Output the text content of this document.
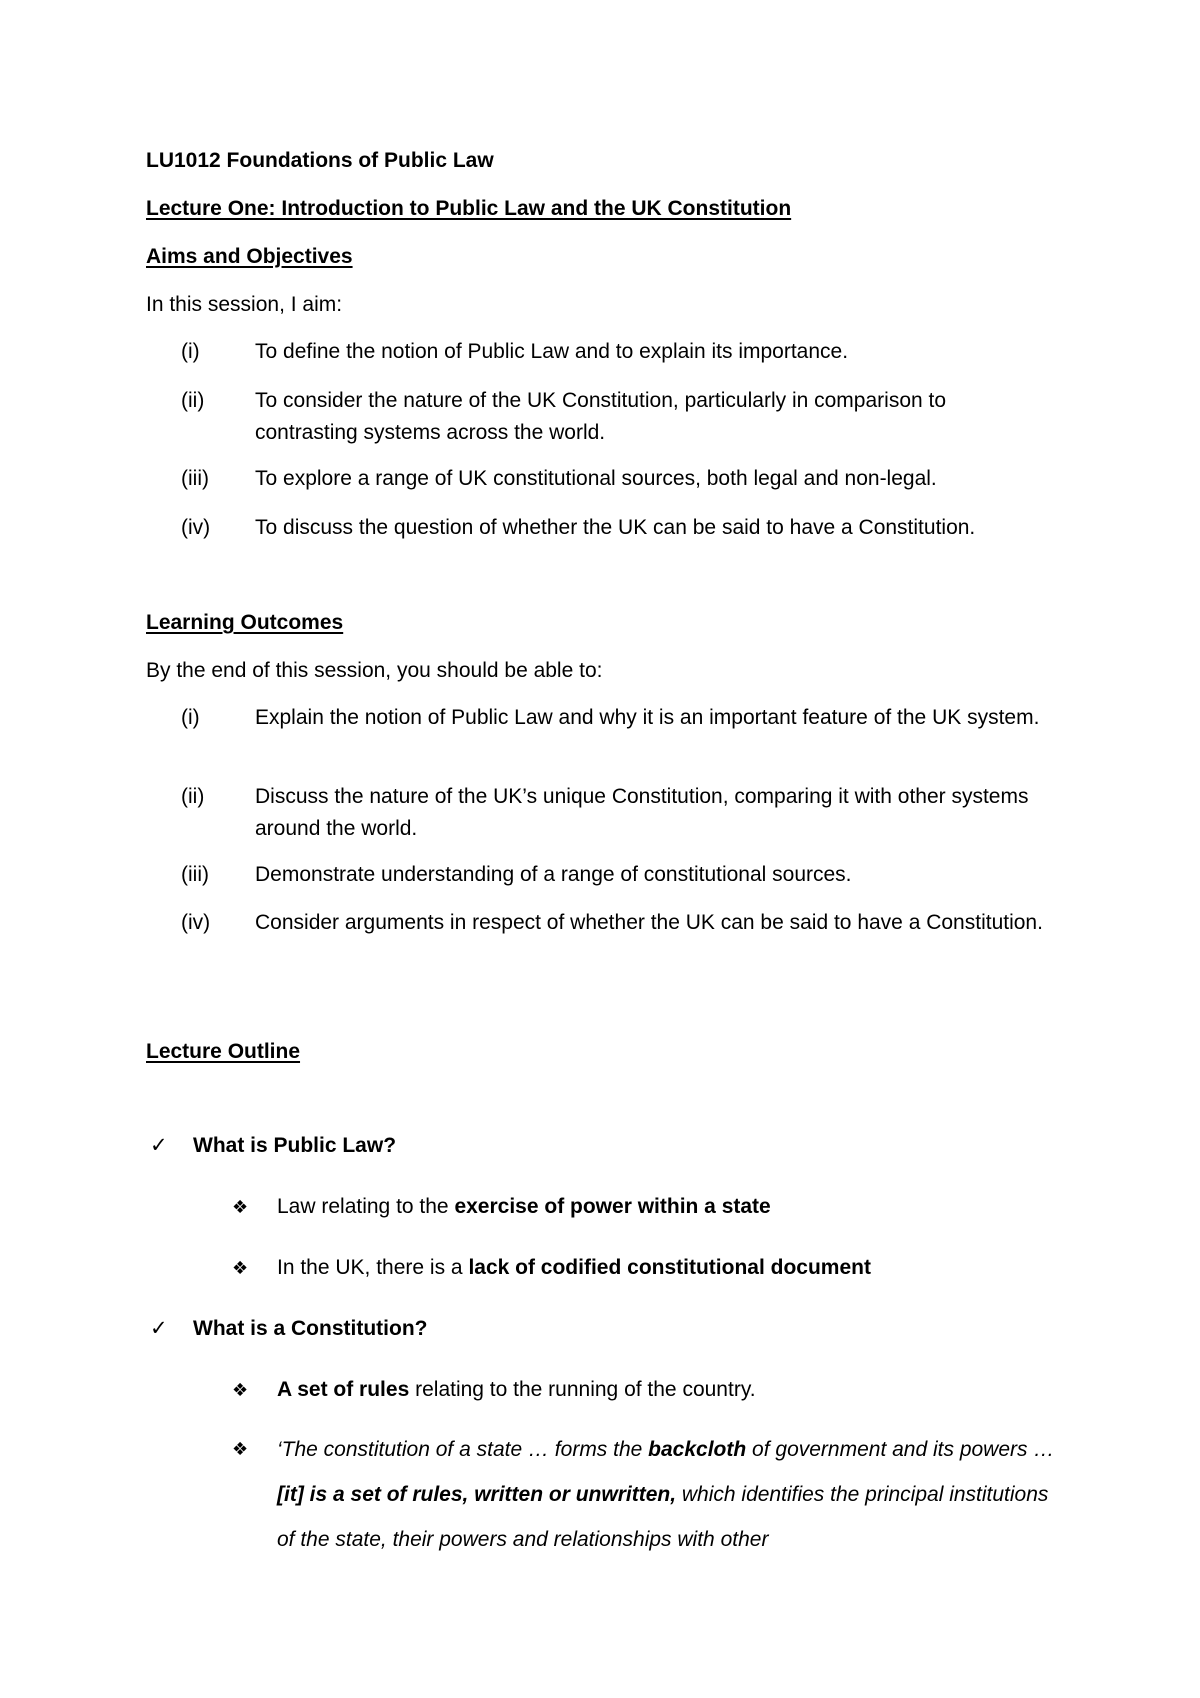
LU1012 Foundations of Public Law
Lecture One: Introduction to Public Law and the UK Constitution
Aims and Objectives
In this session, I aim:
(i)	To define the notion of Public Law and to explain its importance.
(ii) To consider the nature of the UK Constitution, particularly in comparison to contrasting systems across the world.
(iii) To explore a range of UK constitutional sources, both legal and non-legal.
(iv) To discuss the question of whether the UK can be said to have a Constitution.
Learning Outcomes
By the end of this session, you should be able to:
(i)	Explain the notion of Public Law and why it is an important feature of the UK system.
(ii) Discuss the nature of the UK’s unique Constitution, comparing it with other systems around the world.
(iii) Demonstrate understanding of a range of constitutional sources.
(iv) Consider arguments in respect of whether the UK can be said to have a Constitution.
Lecture Outline
✓ What is Public Law?
❖ Law relating to the exercise of power within a state
❖ In the UK, there is a lack of codified constitutional document
✓ What is a Constitution?
❖ A set of rules relating to the running of the country.
❖ ‘The constitution of a state … forms the backcloth of government and its powers … [it] is a set of rules, written or unwritten, which identifies the principal institutions of the state, their powers and relationships with other
